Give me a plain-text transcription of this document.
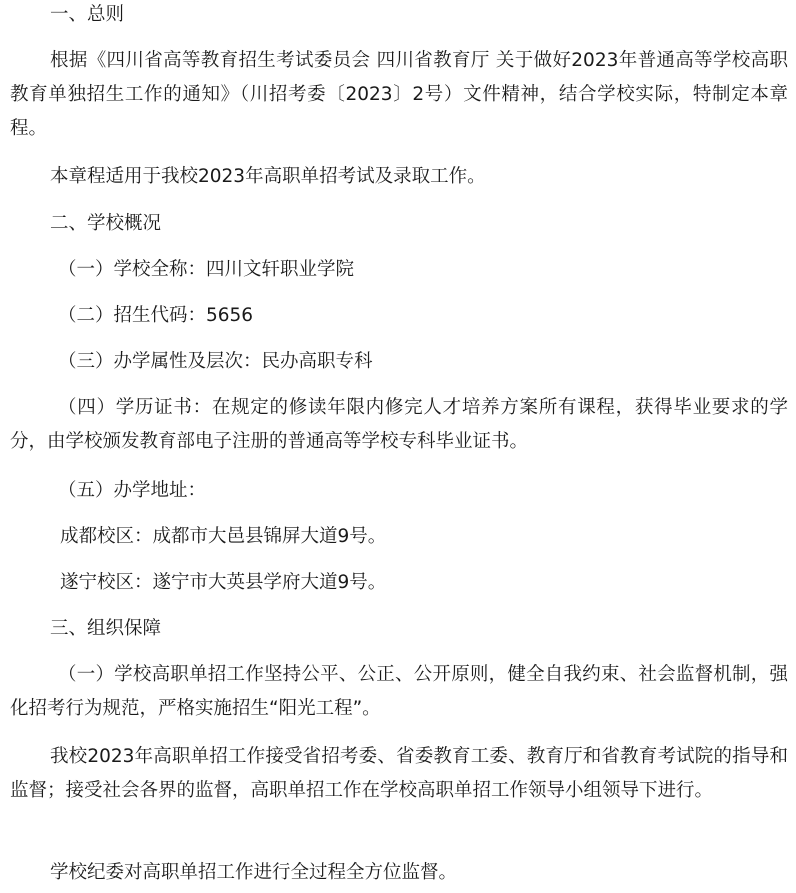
一、总则

根据《四川省高等教育招生考试委员会 四川省教育厅 关于做好2023年普通高等学校高职教育单独招生工作的通知》（川招考委〔2023〕2号）文件精神，结合学校实际，特制定本章程。

本章程适用于我校2023年高职单招考试及录取工作。

二、学校概况

（一）学校全称：四川文轩职业学院

（二）招生代码：5656

（三）办学属性及层次：民办高职专科

（四）学历证书：在规定的修读年限内修完人才培养方案所有课程，获得毕业要求的学分，由学校颁发教育部电子注册的普通高等学校专科毕业证书。

（五）办学地址：

成都校区：成都市大邑县锦屏大道9号。

遂宁校区：遂宁市大英县学府大道9号。

三、组织保障

（一）学校高职单招工作坚持公平、公正、公开原则，健全自我约束、社会监督机制，强化招考行为规范，严格实施招生“阳光工程”。

我校2023年高职单招工作接受省招考委、省委教育工委、教育厅和省教育考试院的指导和监督；接受社会各界的监督，高职单招工作在学校高职单招工作领导小组领导下进行。

学校纪委对高职单招工作进行全过程全方位监督。
